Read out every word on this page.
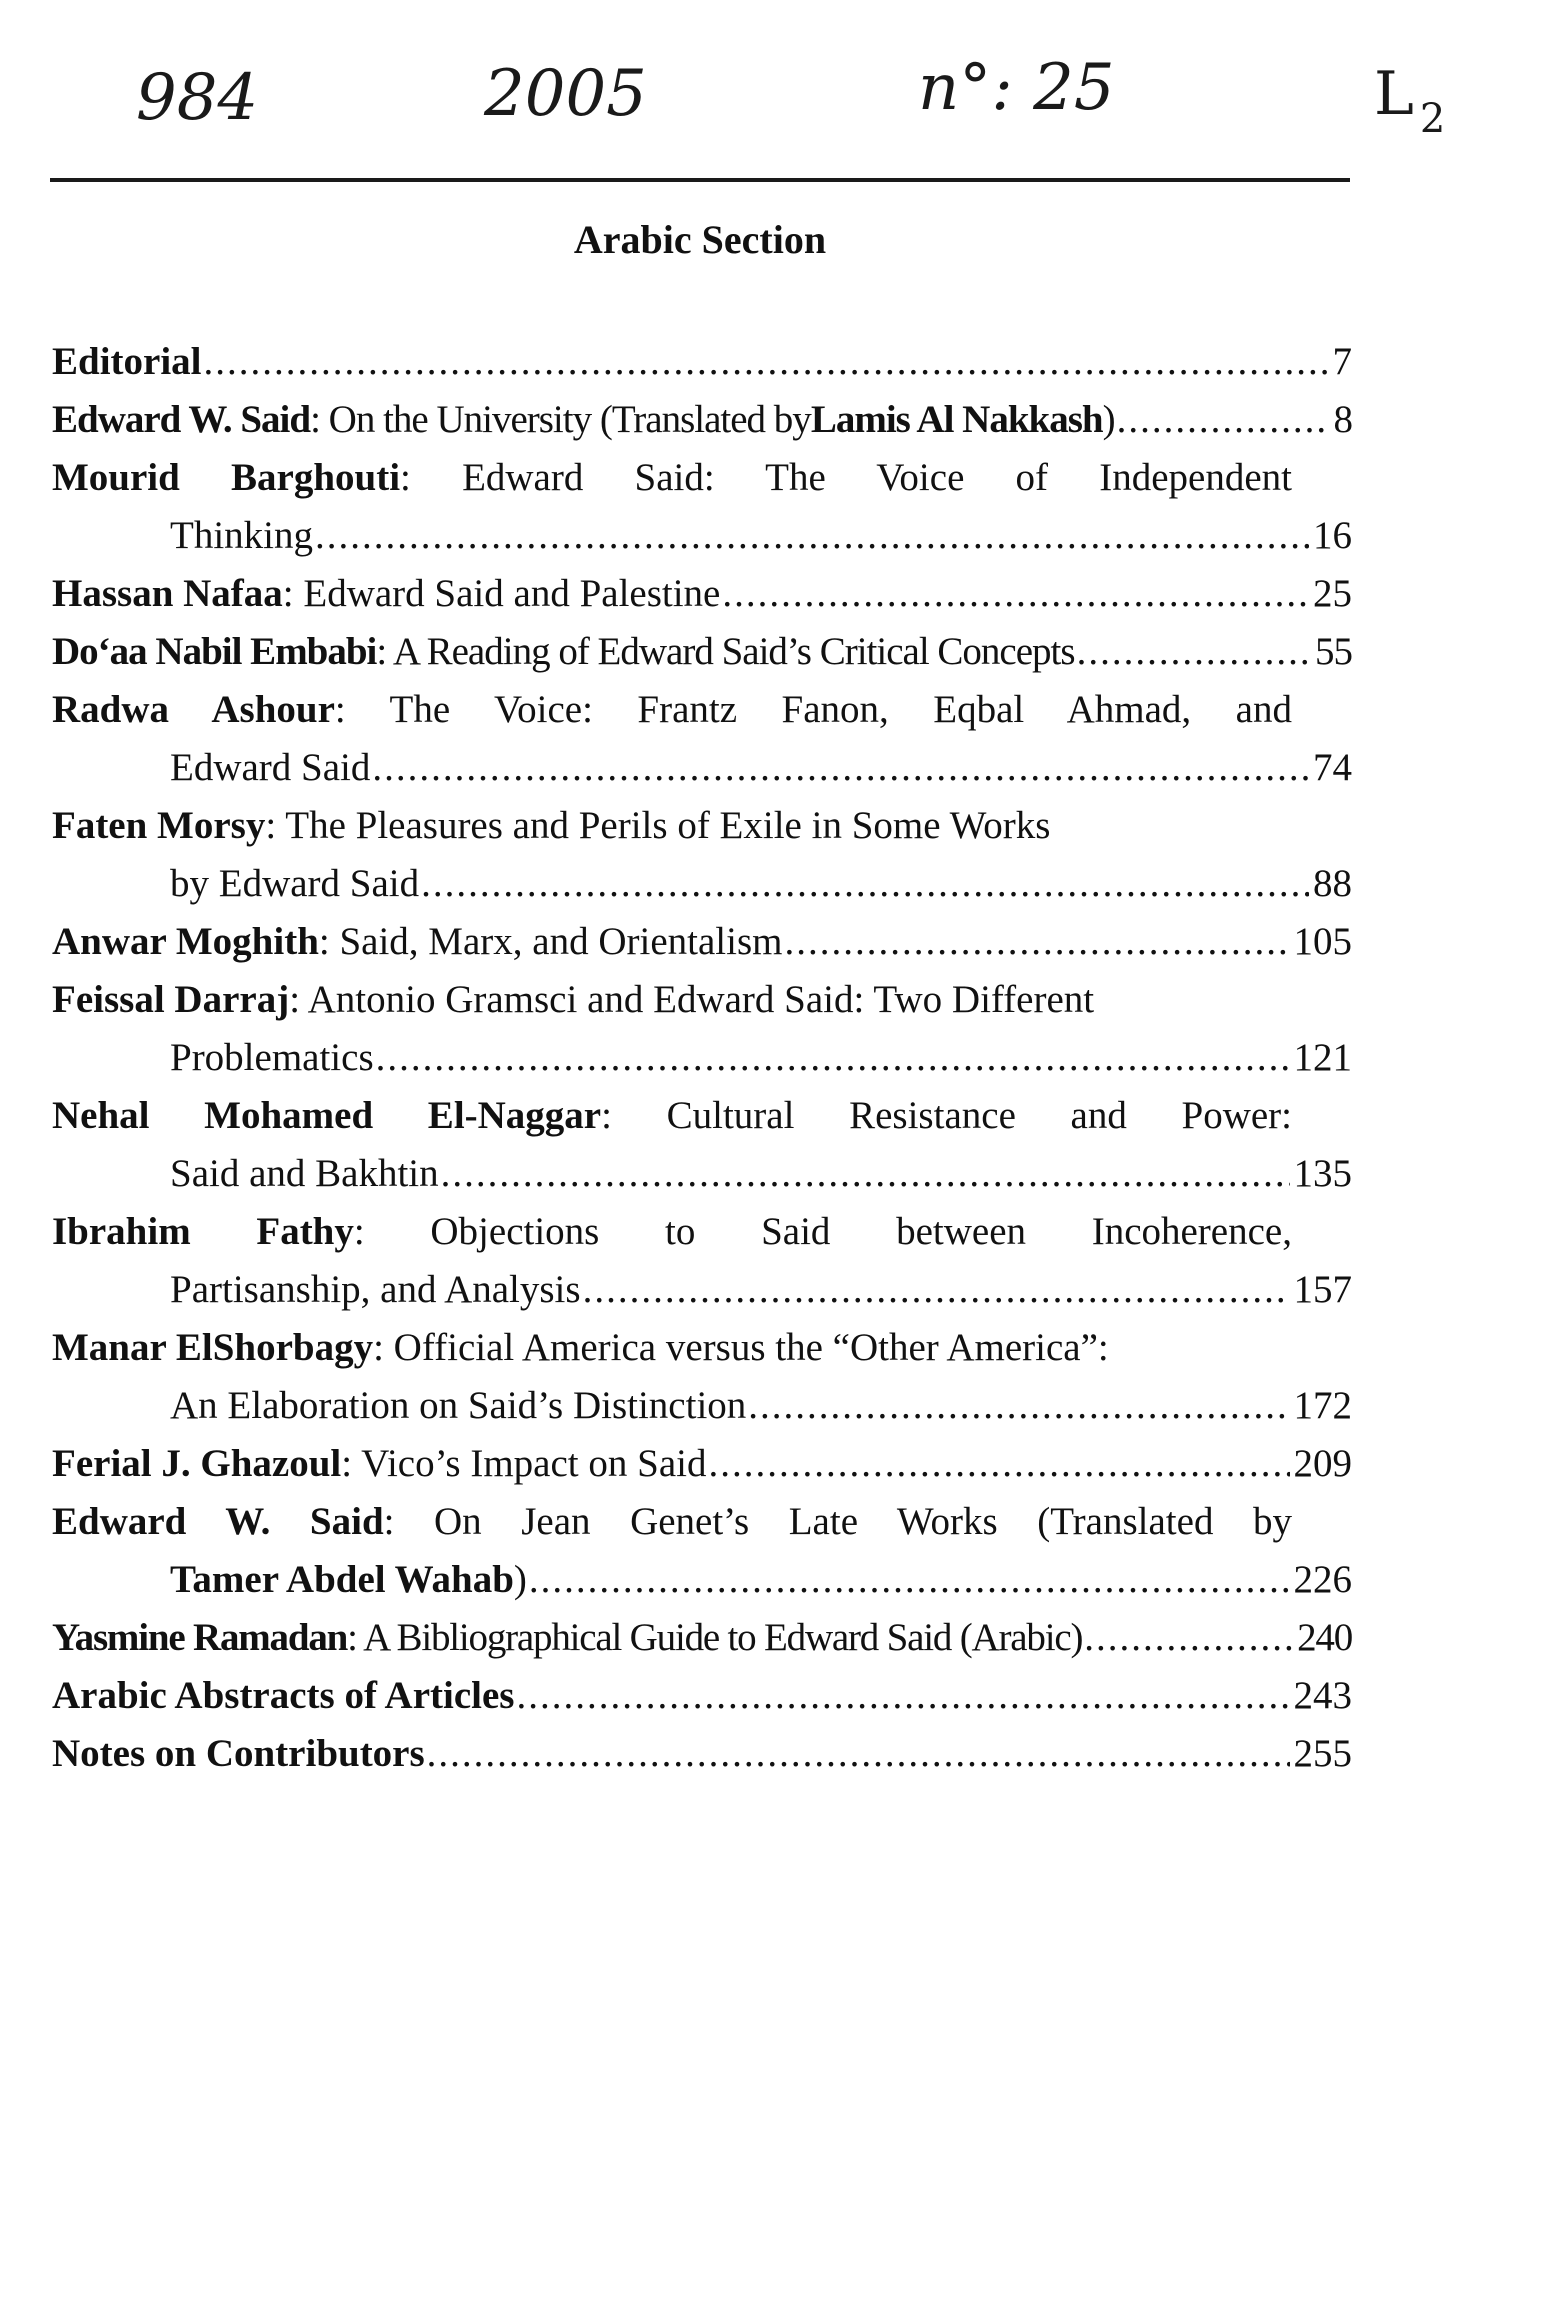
984	2005	n°: 25	L $_2$
Arabic Section
Editorial .....	7
Edward W. Said : On the University (Translated by Lamis Al Nakkash ) .....	8
Mourid Barghouti: Edward Said: The Voice of Independent
Thinking .....	16
Hassan Nafaa : Edward Said and Palestine .....	25
Do‘aa Nabil Embabi : A Reading of Edward Said’s Critical Concepts .....	55
Radwa Ashour: The Voice: Frantz Fanon, Eqbal Ahmad, and
Edward Said .....	74
Faten Morsy : The Pleasures and Perils of Exile in Some Works
by Edward Said .....	88
Anwar Moghith : Said, Marx, and Orientalism .....	105
Feissal Darraj : Antonio Gramsci and Edward Said: Two Different
Problematics .....	121
Nehal Mohamed El-Naggar: Cultural Resistance and Power:
Said and Bakhtin .....	135
Ibrahim Fathy: Objections to Said between Incoherence,
Partisanship, and Analysis .....	157
Manar ElShorbagy : Official America versus the “Other America”:
An Elaboration on Said’s Distinction .....	172
Ferial J. Ghazoul : Vico’s Impact on Said .....	209
Edward W. Said: On Jean Genet’s Late Works (Translated by
Tamer Abdel Wahab ) .....	226
Yasmine Ramadan : A Bibliographical Guide to Edward Said (Arabic) .....	240
Arabic Abstracts of Articles .....	243
Notes on Contributors .....	255
